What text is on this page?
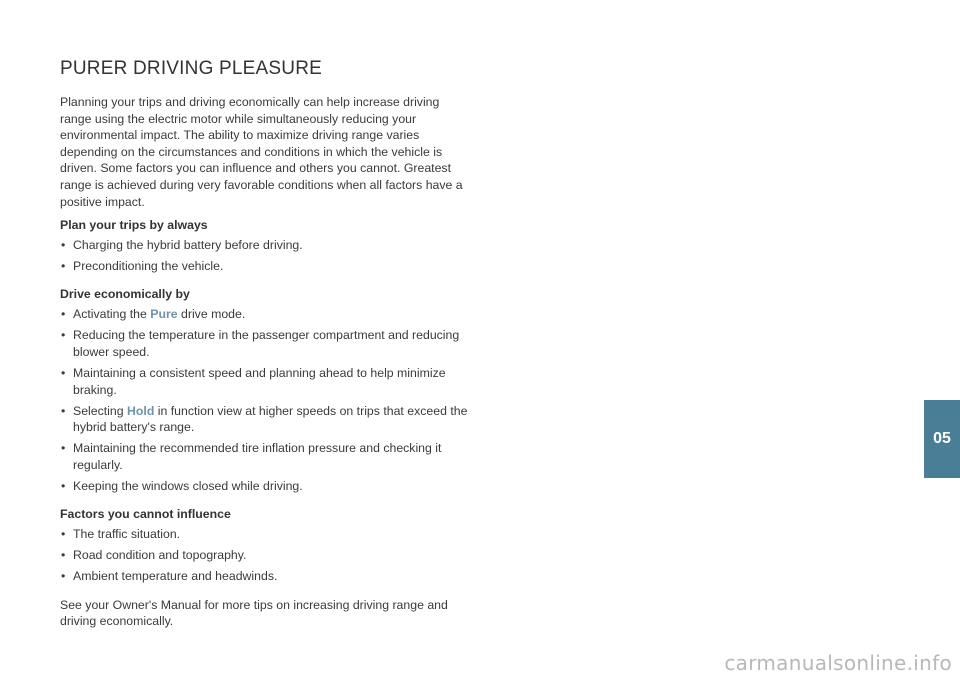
PURER DRIVING PLEASURE

Planning your trips and driving economically can help increase driving range using the electric motor while simultaneously reducing your environmental impact. The ability to maximize driving range varies depending on the circumstances and conditions in which the vehicle is driven. Some factors you can influence and others you cannot. Greatest range is achieved during very favorable conditions when all factors have a positive impact.

Plan your trips by always
• Charging the hybrid battery before driving.
• Preconditioning the vehicle.
Drive economically by
• Activating the Pure drive mode.
• Reducing the temperature in the passenger compartment and reducing blower speed.
• Maintaining a consistent speed and planning ahead to help minimize braking.
• Selecting Hold in function view at higher speeds on trips that exceed the hybrid battery's range.
• Maintaining the recommended tire inflation pressure and checking it regularly.
• Keeping the windows closed while driving.
Factors you cannot influence
• The traffic situation.
• Road condition and topography.
• Ambient temperature and headwinds.

See your Owner's Manual for more tips on increasing driving range and driving economically.

05
carmanualsonline.info
